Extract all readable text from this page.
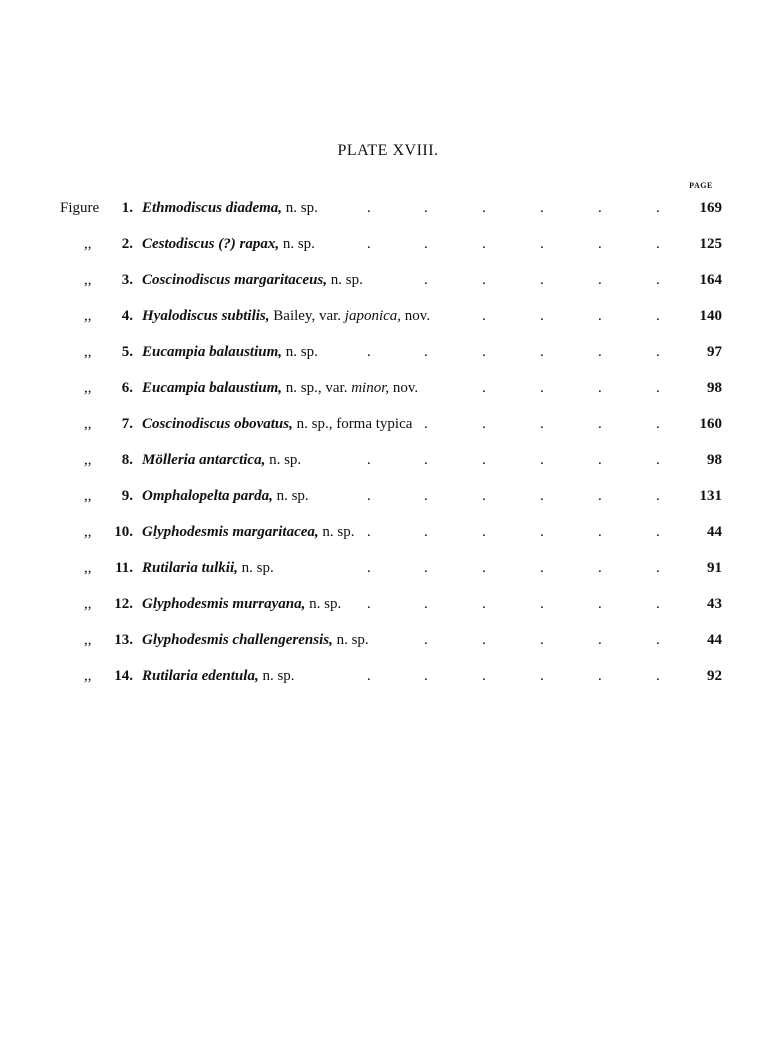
PLATE XVIII.
PAGE
Figure	1. Ethmodiscus diadema, n. sp.	169
.	.	.	.	.	.
,, 2. Cestodiscus (?) rapax, n. sp.	125
.	.	.	.	.	.
,, 3. Coscinodiscus margaritaceus, n. sp.	164
.	.	.	.	.
,, 4. Hyalodiscus subtilis, Bailey, var. japonica, nov.	140
.	.	.	.
,, 5. Eucampia balaustium, n. sp.	97
.	.	.	.	.	.
,, 6. Eucampia balaustium, n. sp., var. minor, nov.	98
.	.	.	.
,, 7. Coscinodiscus obovatus, n. sp., forma typica	160
.	.	.	.	.
,, 8. Mölleria antarctica, n. sp.	98
.	.	.	.	.	.
,, 9. Omphalopelta parda, n. sp.	131
.	.	.	.	.	.
,, 10. Glyphodesmis margaritacea, n. sp.	44
.	.	.	.	.	.
,, 11. Rutilaria tulkii, n. sp.	91
.	.	.	.	.	.
,, 12. Glyphodesmis murrayana, n. sp.	43
.	.	.	.	.	.
,, 13. Glyphodesmis challengerensis, n. sp.	44
.	.	.	.	.
,, 14. Rutilaria edentula, n. sp.	92
.	.	.	.	.	.
